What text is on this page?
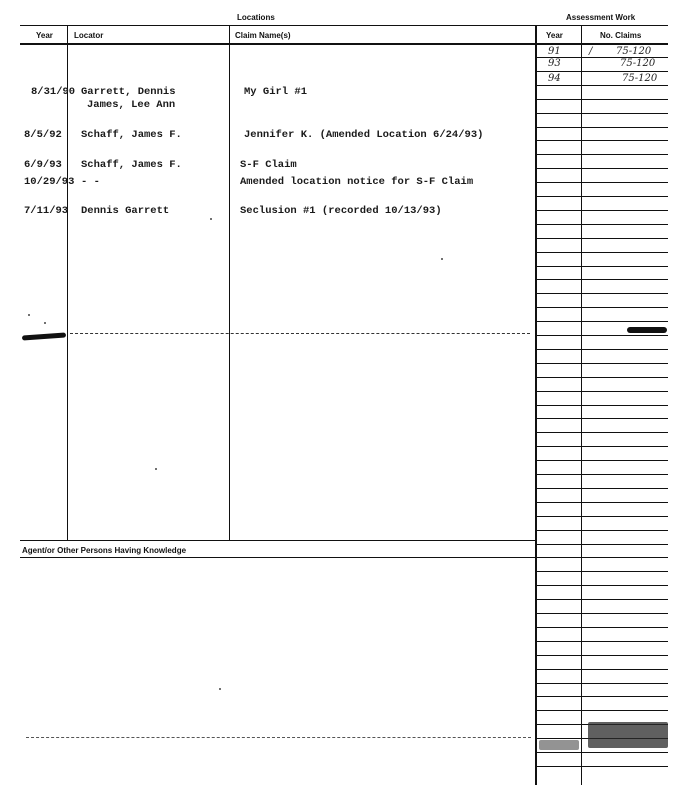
Locations	Assessment Work
Year	Locator	Claim Name(s)	Year	No. Claims
91	/ 75-120
93	75-120
94	75-120
8/31/90 Garrett, Dennis	My Girl #1
James, Lee Ann
8/5/92 Schaff, James F.	Jennifer K. (Amended Location 6/24/93)
6/9/93 Schaff, James F.	S-F Claim
10/29/93 - -	Amended location notice for S-F Claim
7/11/93 Dennis Garrett	Seclusion #1 (recorded 10/13/93)
Agent/or Other Persons Having Knowledge
